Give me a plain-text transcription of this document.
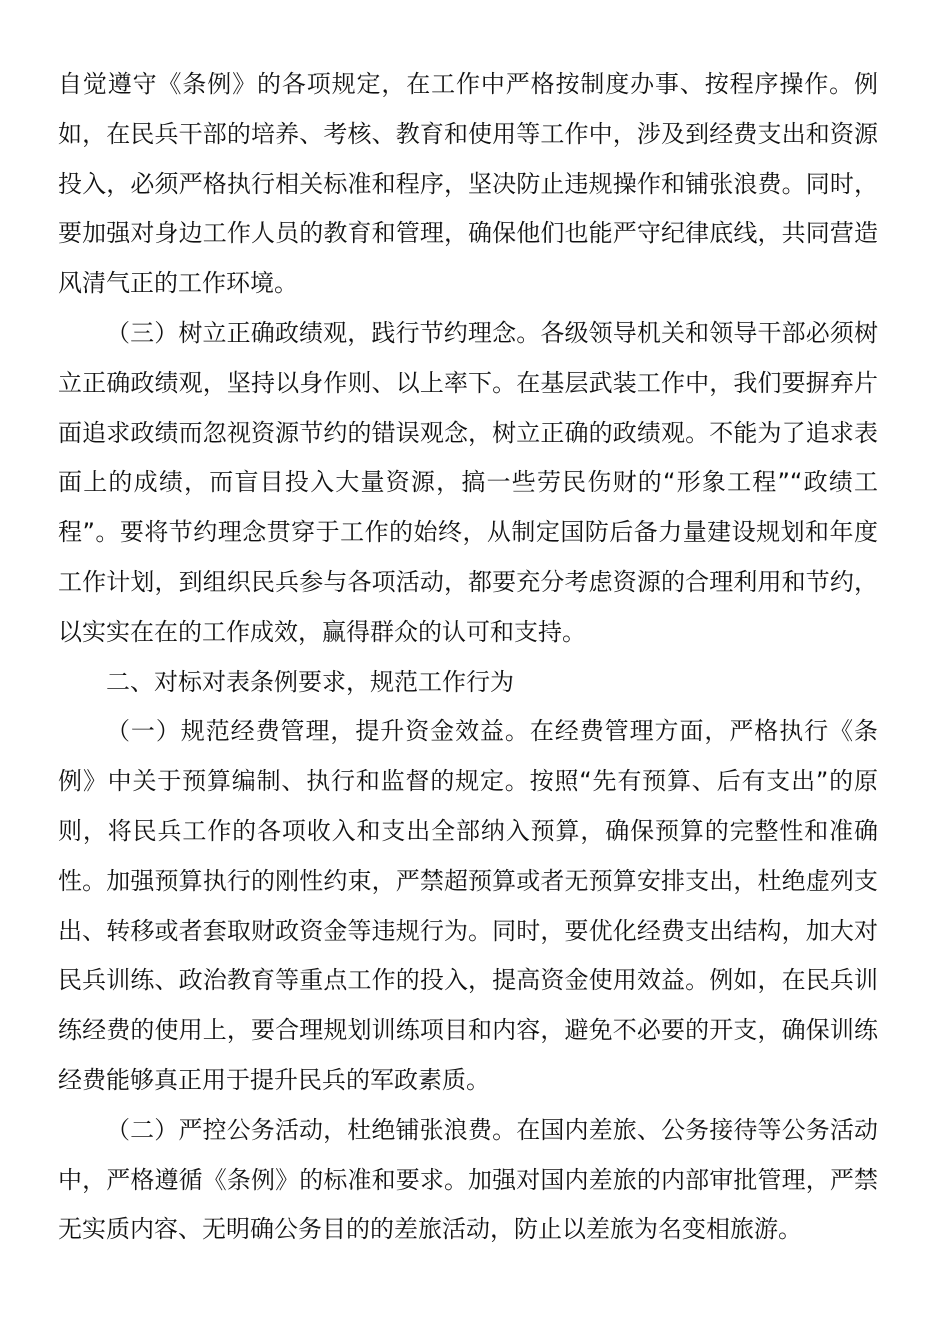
自觉遵守《条例》的各项规定，在工作中严格按制度办事、按程序操作。例如，在民兵干部的培养、考核、教育和使用等工作中，涉及到经费支出和资源投入，必须严格执行相关标准和程序，坚决防止违规操作和铺张浪费。同时，要加强对身边工作人员的教育和管理，确保他们也能严守纪律底线，共同营造风清气正的工作环境。

（三）树立正确政绩观，践行节约理念。各级领导机关和领导干部必须树立正确政绩观，坚持以身作则、以上率下。在基层武装工作中，我们要摒弃片面追求政绩而忽视资源节约的错误观念，树立正确的政绩观。不能为了追求表面上的成绩，而盲目投入大量资源，搞一些劳民伤财的“形象工程”“政绩工程”。要将节约理念贯穿于工作的始终，从制定国防后备力量建设规划和年度工作计划，到组织民兵参与各项活动，都要充分考虑资源的合理利用和节约，以实实在在的工作成效，赢得群众的认可和支持。

二、对标对表条例要求，规范工作行为

（一）规范经费管理，提升资金效益。在经费管理方面，严格执行《条例》中关于预算编制、执行和监督的规定。按照“先有预算、后有支出”的原则，将民兵工作的各项收入和支出全部纳入预算，确保预算的完整性和准确性。加强预算执行的刚性约束，严禁超预算或者无预算安排支出，杜绝虚列支出、转移或者套取财政资金等违规行为。同时，要优化经费支出结构，加大对民兵训练、政治教育等重点工作的投入，提高资金使用效益。例如，在民兵训练经费的使用上，要合理规划训练项目和内容，避免不必要的开支，确保训练经费能够真正用于提升民兵的军政素质。

（二）严控公务活动，杜绝铺张浪费。在国内差旅、公务接待等公务活动中，严格遵循《条例》的标准和要求。加强对国内差旅的内部审批管理，严禁无实质内容、无明确公务目的的差旅活动，防止以差旅为名变相旅游。
